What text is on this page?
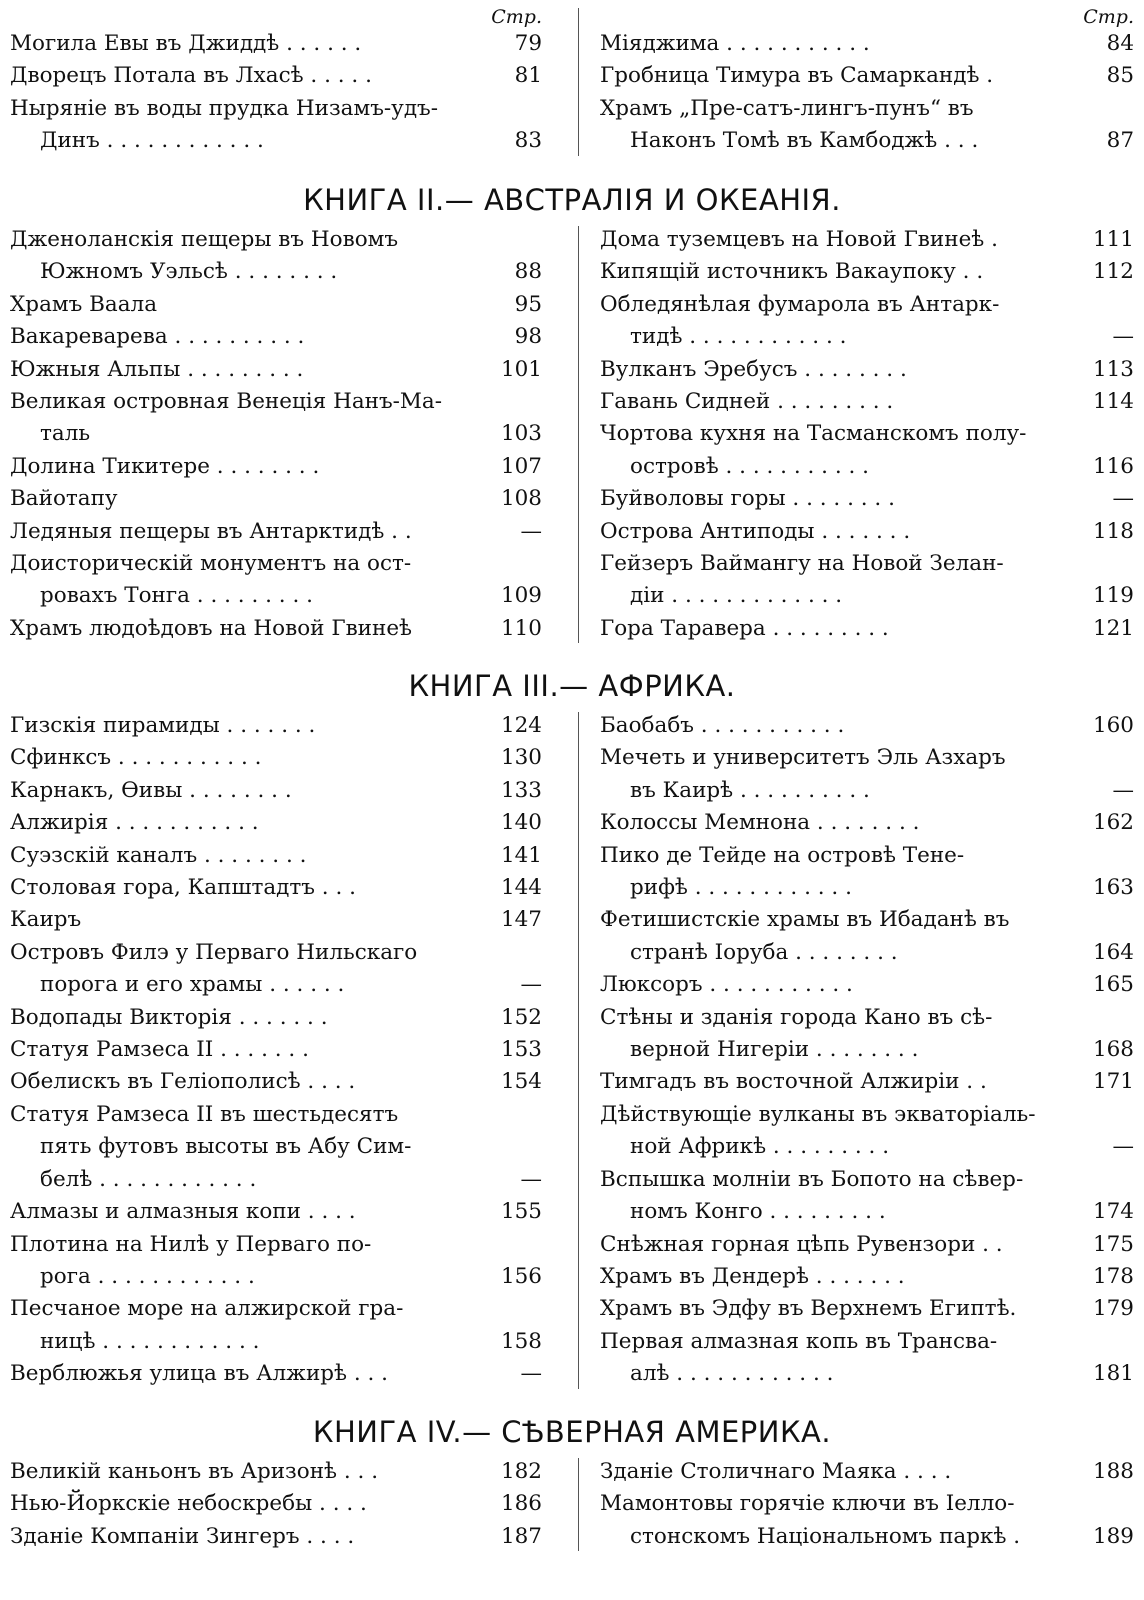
Стр.
Могила Евы въ Джиддѣ . . . . . .	79
Дворецъ Потала въ Лхасѣ . . . . .	81
Ныряніе въ воды прудка Низамъ-удъ-
Динъ . . . . . . . . . . . .	83
Стр.
Міяджима . . . . . . . . . . .	84
Гробница Тимура въ Самаркандѣ .	85
Храмъ „Пре-сатъ-лингъ-пунъ“ въ
Наконъ Томѣ въ Камбоджѣ . . .	87
КНИГА II.— АВСТРАЛІЯ И ОКЕАНІЯ.
Дженоланскія пещеры въ Новомъ
Южномъ Уэльсѣ . . . . . . . .	88
Храмъ Ваала	95
Вакареварева . . . . . . . . . .	98
Южныя Альпы . . . . . . . . .	101
Великая островная Венеція Нанъ-Ма-
таль	103
Долина Тикитере . . . . . . . .	107
Вайотапу	108
Ледяныя пещеры въ Антарктидѣ . .	—
Доисторическій монументъ на ост-
ровахъ Тонга . . . . . . . . .	109
Храмъ людоѣдовъ на Новой Гвинеѣ	110
Дома туземцевъ на Новой Гвинеѣ .	111
Кипящій источникъ Вакаупоку . .	112
Обледянѣлая фумарола въ Антарк-
тидѣ . . . . . . . . . . . .	—
Вулканъ Эребусъ . . . . . . . .	113
Гавань Сидней . . . . . . . . .	114
Чортова кухня на Тасманскомъ полу-
островѣ . . . . . . . . . . .	116
Буйволовы горы . . . . . . . .	—
Острова Антиподы . . . . . . .	118
Гейзеръ Ваймангу на Новой Зелан-
діи . . . . . . . . . . . . .	119
Гора Таравера . . . . . . . . .	121
КНИГА III.— АФРИКА.
Гизскія пирамиды . . . . . . .	124
Сфинксъ . . . . . . . . . . .	130
Карнакъ, Ѳивы . . . . . . . .	133
Алжирія . . . . . . . . . . .	140
Суэзскій каналъ . . . . . . . .	141
Столовая гора, Капштадтъ . . .	144
Каиръ	147
Островъ Филэ у Перваго Нильскаго
порога и его храмы . . . . . .	—
Водопады Викторія . . . . . . .	152
Статуя Рамзеса II . . . . . . .	153
Обелискъ въ Геліополисѣ . . . .	154
Статуя Рамзеса II въ шестьдесятъ
пять футовъ высоты въ Абу Сим-
белѣ . . . . . . . . . . . .	—
Алмазы и алмазныя копи . . . .	155
Плотина на Нилѣ у Перваго по-
рога . . . . . . . . . . . .	156
Песчаное море на алжирской гра-
ницѣ . . . . . . . . . . . .	158
Верблюжья улица въ Алжирѣ . . .	—
Баобабъ . . . . . . . . . . .	160
Мечеть и университетъ Эль Азхаръ
въ Каирѣ . . . . . . . . . .	—
Колоссы Мемнона . . . . . . . .	162
Пико де Тейде на островѣ Тене-
рифѣ . . . . . . . . . . . .	163
Фетишистскіе храмы въ Ибаданѣ въ
странѣ Іоруба . . . . . . . .	164
Люксоръ . . . . . . . . . . .	165
Стѣны и зданія города Кано въ сѣ-
верной Нигеріи . . . . . . . .	168
Тимгадъ въ восточной Алжиріи . .	171
Дѣйствующіе вулканы въ экваторіаль-
ной Африкѣ . . . . . . . . .	—
Вспышка молніи въ Бопото на сѣвер-
номъ Конго . . . . . . . . .	174
Снѣжная горная цѣпь Рувензори . .	175
Храмъ въ Дендерѣ . . . . . . .	178
Храмъ въ Эдфу въ Верхнемъ Египтѣ.	179
Первая алмазная копь въ Трансва-
алѣ . . . . . . . . . . . .	181
КНИГА IV.— СѢВЕРНАЯ АМЕРИКА.
Великій каньонъ въ Аризонѣ . . .	182
Нью-Йоркскіе небоскребы . . . .	186
Зданіе Компаніи Зингеръ . . . .	187
Зданіе Столичнаго Маяка . . . .	188
Мамонтовы горячіе ключи въ Іелло-
стонскомъ Національномъ паркѣ .	189
